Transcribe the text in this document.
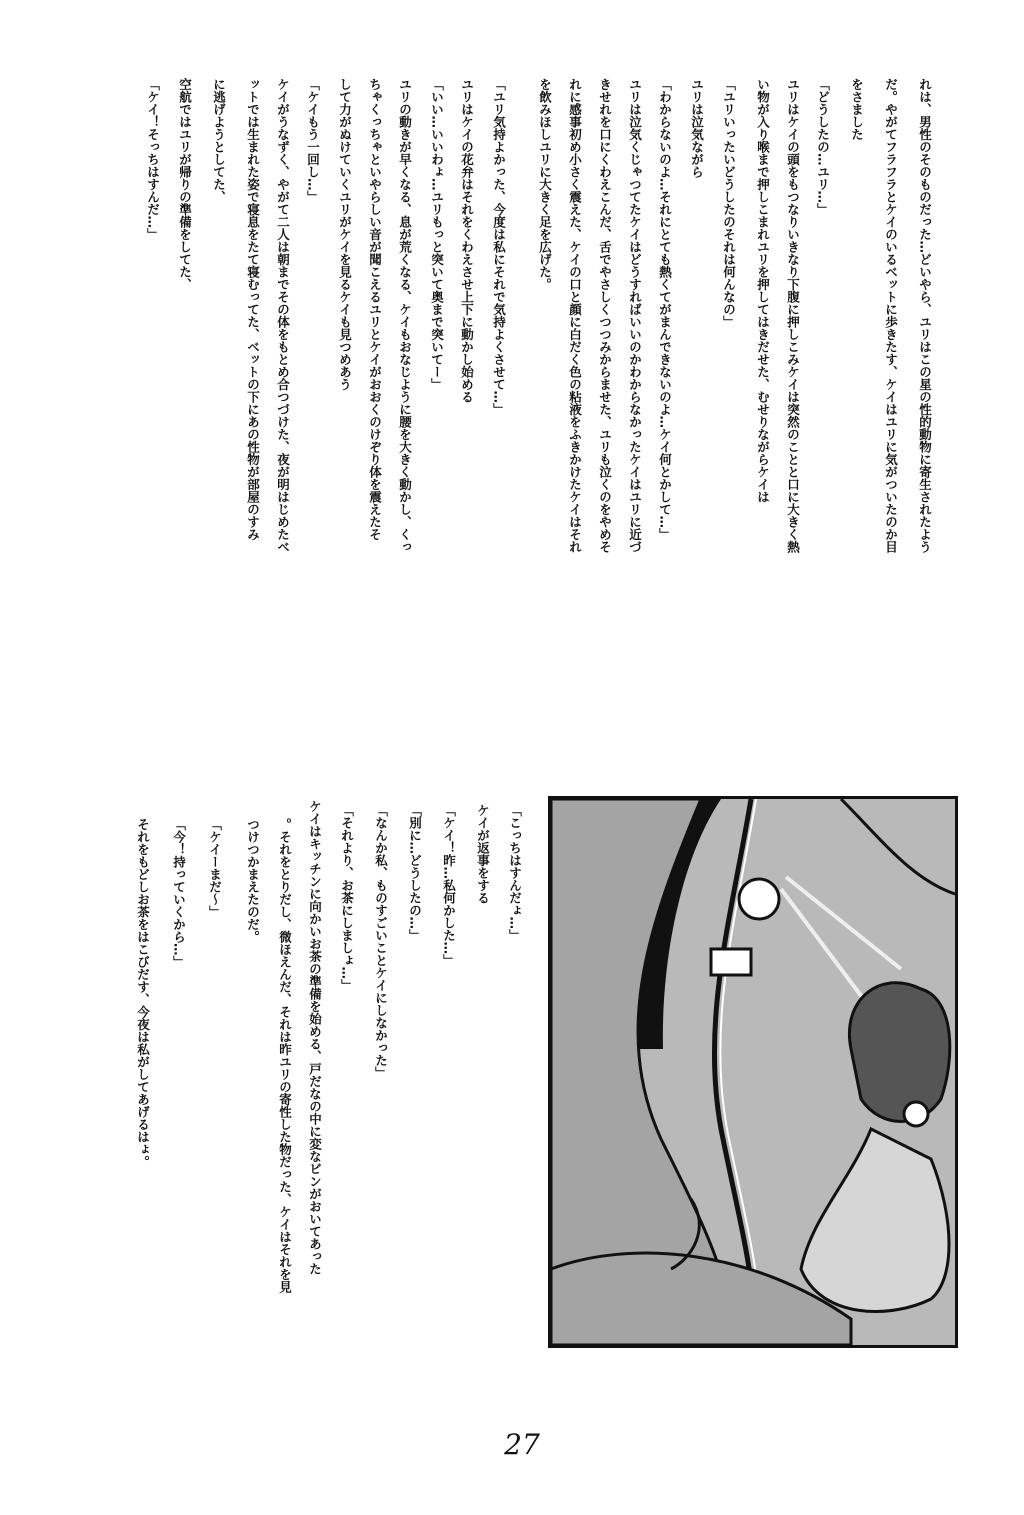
れは、男性のそのものだった…どいやら、ユリはこの星の性的動物に寄生されたよう

だ。やがてフラフラとケイのいるベットに歩きたす、ケイはユリに気がついたのか目

をさました

「どうしたの…ユリ…」

ユリはケイの頭をもつなりいきなり下腹に押しこみケイは突然のことと口に大きく熱

い物が入り喉まで押しこまれユリを押してはきだせた、むせりながらケイは

「ユリいったいどうしたのそれは何んなの」

ユリは泣気ながら

「わからないのよ…それにとても熱くてがまんできないのよ…ケイ何とかして…」

ユリは泣気くじゃつてたケイはどうすればいいのかわからなかったケイはユリに近づ

きせれを口にくわえこんだ、舌でやさしくつつみからませた、ユリも泣くのをやめそ

れに感事初め小さく震えた、ケイの口と顔に白だく色の粘液をふきかけたケイはそれ

を飲みほしユリに大きく足を広げた。

「ユリ気持よかった、今度は私にそれで気持よくさせて…」

ユリはケイの花弁はそれをくわえさせ上下に動かし始める

「いい…いいわょ…ユリもっと突いて奥まで突いてー」

ユリの動きが早くなる、息が荒くなる、ケイもおなじように腰を大きく動かし、くっ

ちゃくっちゃといやらしい音が聞こえるユリとケイがおおくのけぞり体を震えたそ

して力がぬけていくユリがケイを見るケイも見つめあう

「ケイもう一回し…」

ケイがうなずく、やがて二人は朝までその体をもとめ合つづけた、夜が明はじめたベ

ットでは生まれた姿で寝息をたて寝むってた、ベットの下にあの性物が部屋のすみ

に逃げようとしてた、

空航ではユリが帰りの準備をしてた、

「ケイ！そっちはすんだ…」

「こっちはすんだょ…」

ケイが返事をする

「ケイ！昨…私何かした…」

「別に…どうしたの…」

「なんか私、ものすごいことケイにしなかった」

「それより、お茶にしましょ…」

ケイはキッチンに向かいお茶の準備を始める、戸だなの中に変なビンがおいてあった

。それをとりだし、微ほえんだ、それは昨ユリの寄性した物だった、ケイはそれを見

つけつかまえたのだ。

「ケイーまだ～」

「今！持っていくから…」

それをもどしお茶をはこびだす、今夜は私がしてあげるはょ。

27
